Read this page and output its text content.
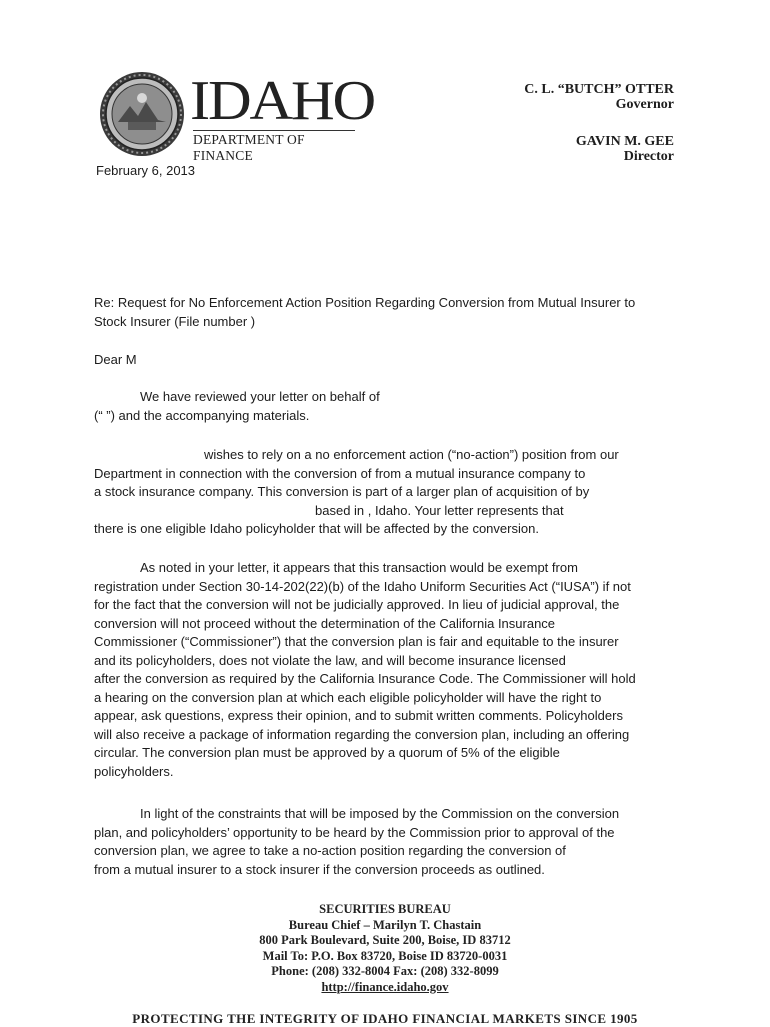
IDAHO
DEPARTMENT OF FINANCE
C. L. “BUTCH” OTTER
Governor
GAVIN M. GEE
Director
February 6, 2013
Re: Request for No Enforcement Action Position Regarding Conversion from Mutual Insurer to
Stock Insurer (File number )
Dear M
We have reviewed your letter on behalf of
(“ ”) and the accompanying materials.
wishes to rely on a no enforcement action (“no-action”) position from our
Department in connection with the conversion of from a mutual insurance company to
a stock insurance company. This conversion is part of a larger plan of acquisition of by
based in , Idaho. Your letter represents that
there is one eligible Idaho policyholder that will be affected by the conversion.
As noted in your letter, it appears that this transaction would be exempt from
registration under Section 30-14-202(22)(b) of the Idaho Uniform Securities Act (“IUSA”) if not
for the fact that the conversion will not be judicially approved. In lieu of judicial approval, the
conversion will not proceed without the determination of the California Insurance
Commissioner (“Commissioner”) that the conversion plan is fair and equitable to the insurer
and its policyholders, does not violate the law, and will become insurance licensed
after the conversion as required by the California Insurance Code. The Commissioner will hold
a hearing on the conversion plan at which each eligible policyholder will have the right to
appear, ask questions, express their opinion, and to submit written comments. Policyholders
will also receive a package of information regarding the conversion plan, including an offering
circular. The conversion plan must be approved by a quorum of 5% of the eligible
policyholders.
In light of the constraints that will be imposed by the Commission on the conversion
plan, and policyholders’ opportunity to be heard by the Commission prior to approval of the
conversion plan, we agree to take a no-action position regarding the conversion of
from a mutual insurer to a stock insurer if the conversion proceeds as outlined.
SECURITIES BUREAU
Bureau Chief – Marilyn T. Chastain
800 Park Boulevard, Suite 200, Boise, ID 83712
Mail To: P.O. Box 83720, Boise ID 83720-0031
Phone: (208) 332-8004 Fax: (208) 332-8099
http://finance.idaho.gov
PROTECTING THE INTEGRITY OF IDAHO FINANCIAL MARKETS SINCE 1905
